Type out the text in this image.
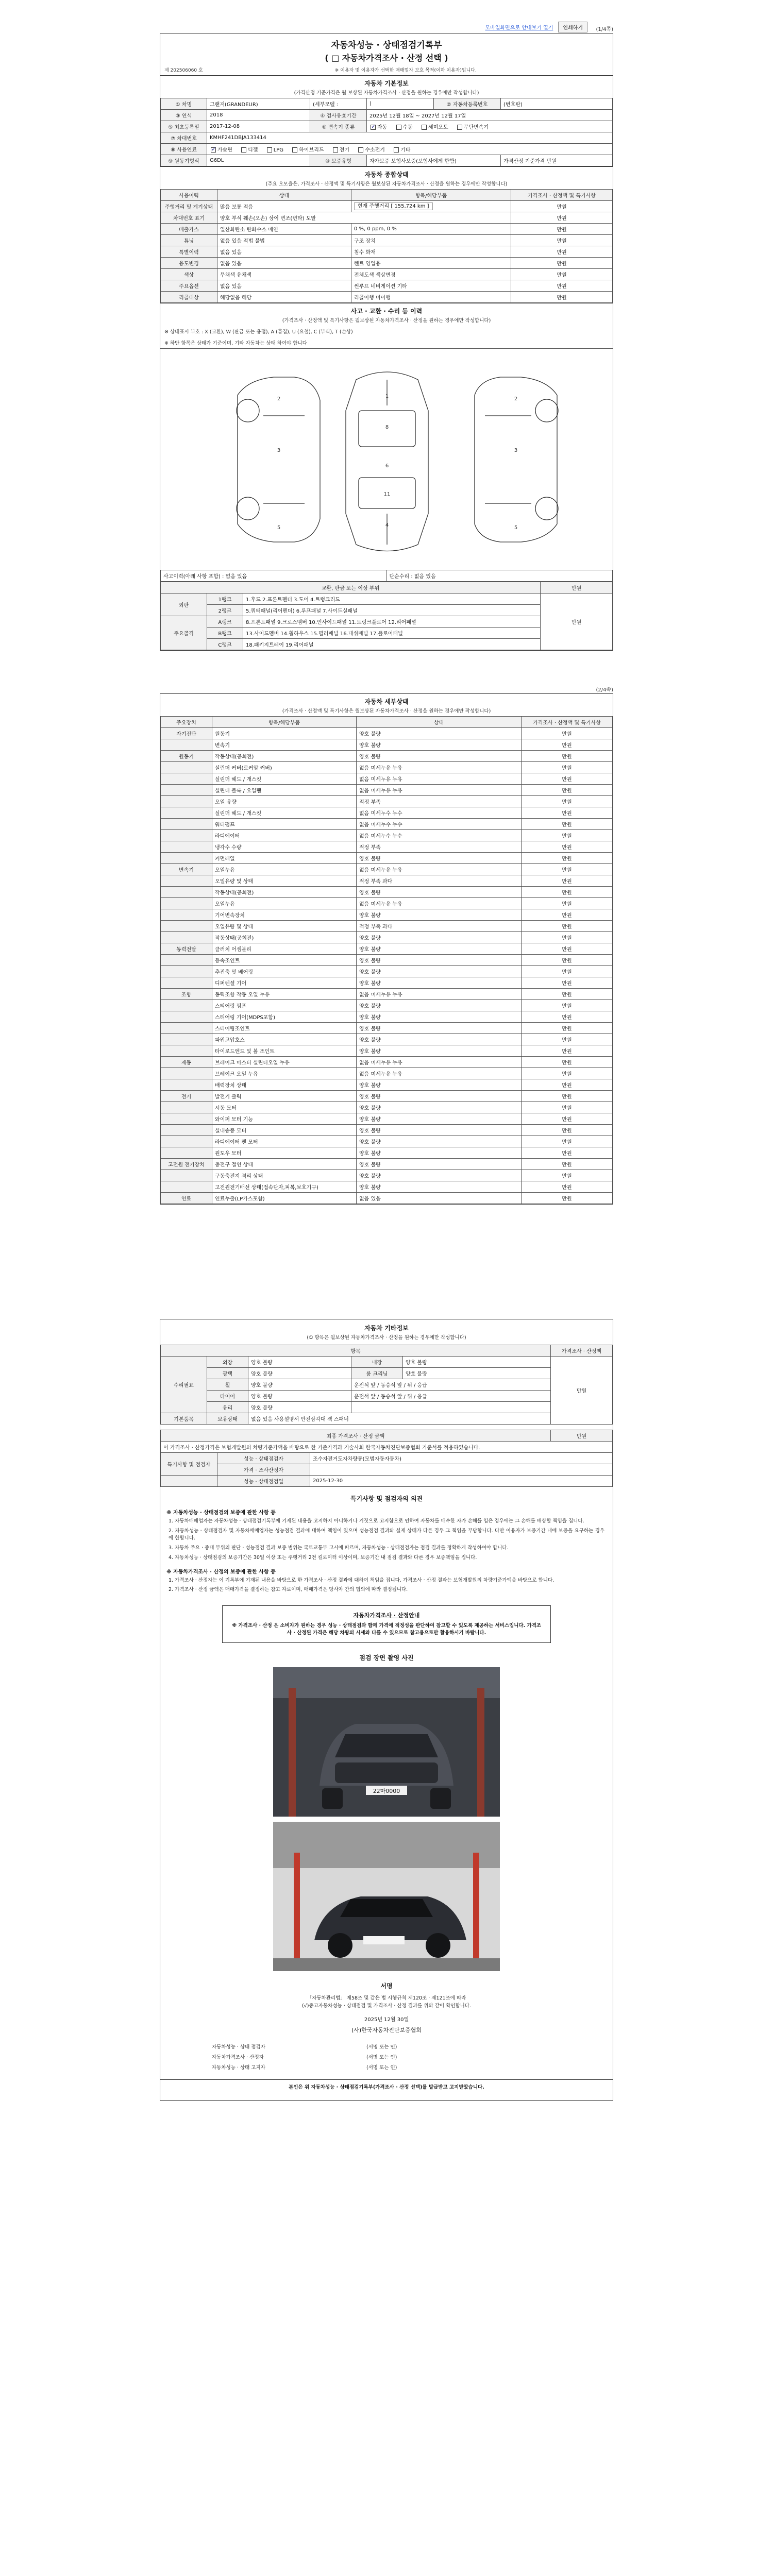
모바일화면으로 안내보기 열기	인쇄하기	(1/4쪽)
자동차성능 · 상태점검기록부
( □ 자동차가격조사 · 산정 선택 )
제 202506060 호	※ 이용자 및 이용자가 선택한 매매업자 보호 목적(이하 이용자)입니다.
자동차 기본정보
(가격산정 기준가격은 월 보상된 자동차가격조사 · 산정을 원하는 경우에만 작성합니다)
① 차명	그랜저(GRANDEUR)	(세부모델 :	)	② 자동차등록번호	(번호판)
③ 연식	2018	④ 검사유효기간	2025년 12월 18일 ~ 2027년 12월 17일		
⑤ 최초등록일	2017-12-08	⑥ 변속기 종류	✓자동 수동 세미오토 무단변속기
⑦ 차대번호	KMHF241DBJA133414				
⑧ 사용연료	✓가솔린 디젤 LPG 하이브리드 전기 수소전기 기타
⑨ 원동기형식	G6DL	⑩ 보증유형	자가보증 보험사보증(보험사에게 한함)		가격산정 기준가격 만원
자동차 종합상태
(주요 오모율은, 가격조사 · 산정액 및 특기사항은 월보상된 자동차가격조사 · 산정을 원하는 경우에만 작성합니다)
사용이력	상태	항목/해당부품	가격조사 · 산정액 및 특기사항
주행거리 및 계기상태	많음 보통 적음	현재 주행거리 [ 155,724 km ]	만원
차대번호 표기	양호 부식 훼손(오손) 상이 변조(변타) 도말		만원
배출가스	일산화탄소 탄화수소 매연	0 %, 0 ppm, 0 %	만원
튜닝	없음 있음 적법 불법	구조 장치	만원
특별이력	없음 있음	침수 화재	만원
용도변경	없음 있음	렌트 영업용	만원
색상	무채색 유채색	전체도색 색상변경	만원
주요옵션	없음 있음	썬루프 네비게이션 기타	만원
리콜대상	해당없음 해당	리콜이행 미이행	만원
사고 · 교환 · 수리 등 이력
(가격조사 · 산정액 및 특기사항은 월보상된 자동차가격조사 · 산정을 원하는 경우에만 작성합니다)
※ 상태표시 부호 : X (교환), W (판금 또는 용접), A (흠집), U (요철), C (부식), T (손상)
※ 하단 항목은 상태가 기준이며, 기타 자동차는 상태 하여야 합니다
1
6
4
3	3
2	2
5	5
8
11
사고이력(아래 사항 포함) : 없음 있음	단순수리 : 없음 있음
교환, 판금 또는 이상 부위			만원
외판	1랭크	1.후드 2.프론트펜더 3.도어 4.트렁크리드	만원
	2랭크	5.쿼터패널(리어펜더) 6.루프패널 7.사이드실패널	
주요골격	A랭크	8.프론트패널 9.크로스멤버 10.인사이드패널 11.트렁크플로어 12.리어패널	
	B랭크	13.사이드멤버 14.휠하우스 15.필러패널 16.대쉬패널 17.플로어패널	
	C랭크	18.패키지트레이 19.리어패널	
(2/4쪽)
자동차 세부상태
(가격조사 · 산정액 및 특기사항은 월보상된 자동차가격조사 · 산정을 원하는 경우에만 작성합니다)
주요장치	항목/해당부품	상태	가격조사 · 산정액 및 특기사항
자기진단	원동기	양호 불량	만원
	변속기	양호 불량	만원
원동기	작동상태(공회전)	양호 불량	만원
	실린더 커버(로커암 커버)	없음 미세누유 누유	만원
	실린더 헤드 / 개스킷	없음 미세누유 누유	만원
	실린더 블록 / 오일팬	없음 미세누유 누유	만원
	오일 유량	적정 부족	만원
	실린더 헤드 / 개스킷	없음 미세누수 누수	만원
	워터펌프	없음 미세누수 누수	만원
	라디에이터	없음 미세누수 누수	만원
	냉각수 수량	적정 부족	만원
	커먼레일	양호 불량	만원
변속기	오일누유	없음 미세누유 누유	만원
	오일유량 및 상태	적정 부족 과다	만원
	작동상태(공회전)	양호 불량	만원
	오일누유	없음 미세누유 누유	만원
	기어변속장치	양호 불량	만원
	오일유량 및 상태	적정 부족 과다	만원
	작동상태(공회전)	양호 불량	만원
동력전달	클러치 어셈블리	양호 불량	만원
	등속조인트	양호 불량	만원
	추진축 및 베어링	양호 불량	만원
	디퍼렌셜 기어	양호 불량	만원
조향	동력조향 작동 오일 누유	없음 미세누유 누유	만원
	스티어링 펌프	양호 불량	만원
	스티어링 기어(MDPS포함)	양호 불량	만원
	스티어링조인트	양호 불량	만원
	파워고압호스	양호 불량	만원
	타이로드엔드 및 볼 조인트	양호 불량	만원
제동	브레이크 마스터 실린더오일 누유	없음 미세누유 누유	만원
	브레이크 오일 누유	없음 미세누유 누유	만원
	배력장치 상태	양호 불량	만원
전기	발전기 출력	양호 불량	만원
	시동 모터	양호 불량	만원
	와이퍼 모터 기능	양호 불량	만원
	실내송풍 모터	양호 불량	만원
	라디에이터 팬 모터	양호 불량	만원
	윈도우 모터	양호 불량	만원
고전원 전기장치	충전구 절연 상태	양호 불량	만원
	구동축전지 격리 상태	양호 불량	만원
	고전원전기배선 상태(접속단자,피복,보호기구)	양호 불량	만원
연료	연료누출(LP가스포함)	없음 있음	만원
자동차 기타정보
(① 항목은 월보상된 자동차가격조사 · 산정을 원하는 경우에만 작성합니다)
항목					가격조사 · 산정액
수리필요	외장	양호 불량	내장	양호 불량	만원
	광택	양호 불량	룸 크리닝	양호 불량	
	휠	양호 불량	운전석 앞 / 동승석 앞 / 뒤 / 응급		
	타이어	양호 불량	운전석 앞 / 동승석 앞 / 뒤 / 응급		
	유리	양호 불량			
기본품목	보유상태	없음 있음 사용설명서 안전삼각대 잭 스패너			
최종 가격조사 · 산정 금액			만원
이 가격조사 · 산정가격은 보험개발원의 차량기준가액을 바탕으로 한 기준가격과 기술사회 한국자동차진단보증협회 기준서를 적용하였습니다.			
특기사항 및 점검자	성능 · 상태점검자	조수자전거도자차량통(모범자동자동차)	
	가격 · 조사산정자		
	성능 · 상태점검일	2025-12-30	
특기사항 및 점검자의 의견
※ 자동차성능 · 상태점검의 보증에 관한 사항 등

1. 자동차매매업자는 자동차성능 · 상태점검기록부에 기재된 내용을 고지하지 아니하거나 거짓으로 고지함으로 인하여 자동차를 매수한 자가 손해를 입은 경우에는 그 손해를 배상할 책임을 집니다.

2. 자동차성능 · 상태점검자 및 자동차매매업자는 성능점검 결과에 대하여 책임이 있으며 성능점검 결과와 실제 상태가 다른 경우 그 책임을 부담합니다. 다만 이용자가 보증기간 내에 보증을 요구하는 경우에 한합니다.

3. 자동차 주요 · 중대 부위의 판단 · 성능점검 결과 보증 범위는 국토교통부 고시에 따르며, 자동차성능 · 상태점검자는 점검 결과를 정확하게 작성하여야 합니다.

4. 자동차성능 · 상태점검의 보증기간은 30일 이상 또는 주행거리 2천 킬로미터 이상이며, 보증기간 내 점검 결과와 다른 경우 보증책임을 집니다.

※ 자동차가격조사 · 산정의 보증에 관한 사항 등

1. 가격조사 · 산정자는 이 기록부에 기재된 내용을 바탕으로 한 가격조사 · 산정 결과에 대하여 책임을 집니다. 가격조사 · 산정 결과는 보험개발원의 차량기준가액을 바탕으로 합니다.

2. 가격조사 · 산정 금액은 매매가격을 결정하는 참고 자료이며, 매매가격은 당사자 간의 협의에 따라 결정됩니다.

자동차가격조사 · 산정안내

※ 가격조사 · 산정 은 소비자가 원하는 경우 성능 · 상태점검과 함께 가격에 적정성을 판단하여 참고할 수 있도록 제공하는 서비스입니다. 가격조사 · 산정된 가격은 해당 차량의 시세와 다를 수 있으므로 참고용으로만 활용하시기 바랍니다.

점검 장면 촬영 사진
22마0000
서명
「자동차관리법」 제58조 및 같은 법 시행규칙 제120조 · 제121조에 따라
(√)중고자동차성능 · 상태점검 및 가격조사 · 산정 결과를 위와 같이 확인합니다.
2025년 12월 30일
(사)한국자동차진단보증협회
자동차성능 · 상태 점검자	(서명 또는 인)
자동차가격조사 · 산정자	(서명 또는 인)
자동차성능 · 상태 고지자	(서명 또는 인)
본인은 위 자동차성능 · 상태점검기록부(가격조사 · 산정 선택)를 발급받고 고지받았습니다.
